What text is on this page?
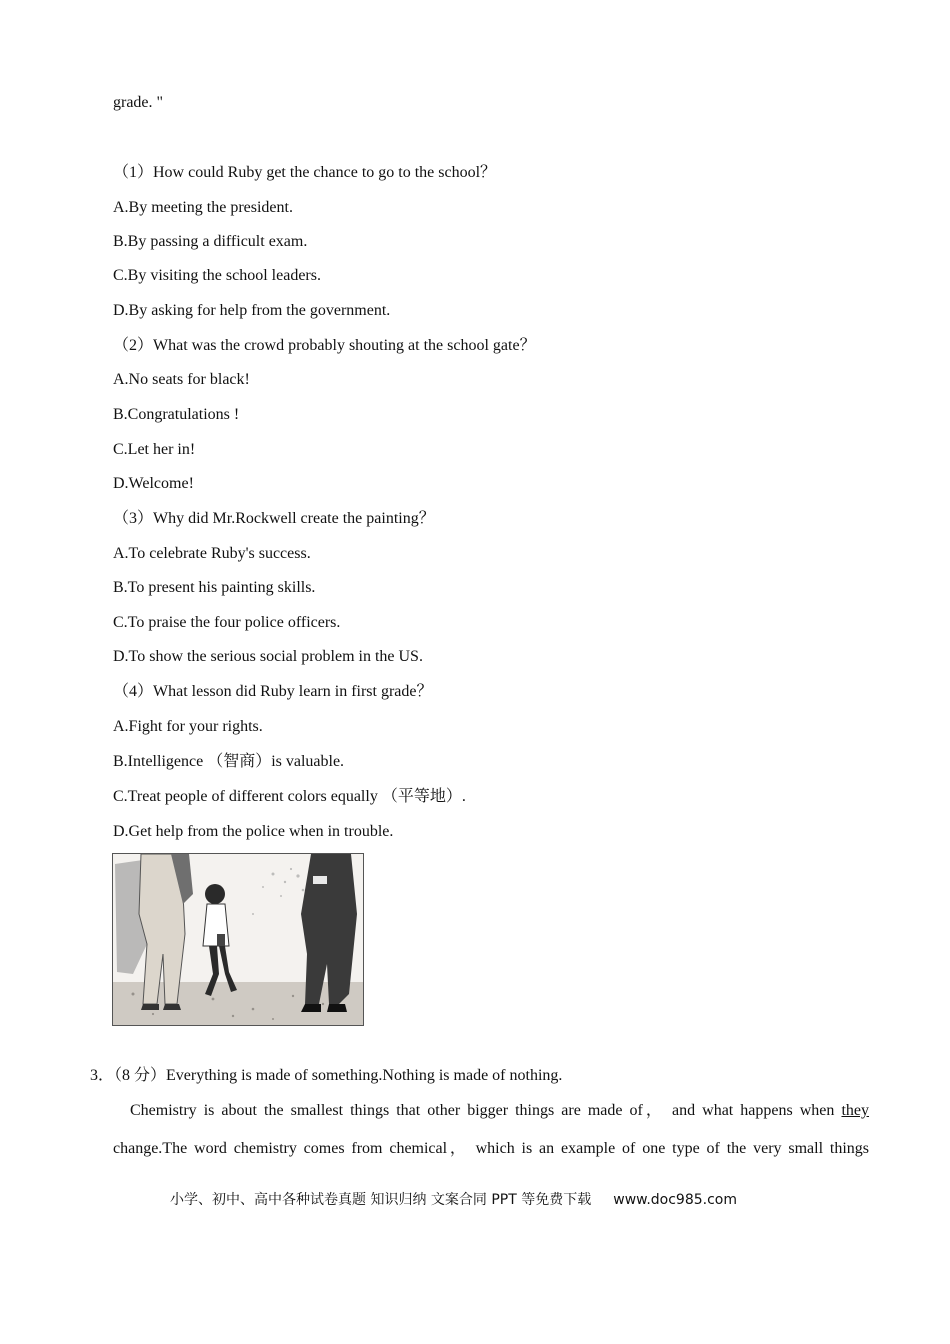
grade. "
（1）How could Ruby get the chance to go to the school？
A.By meeting the president.
B.By passing a difficult exam.
C.By visiting the school leaders.
D.By asking for help from the government.
（2）What was the crowd probably shouting at the school gate？
A.No seats for black!
B.Congratulations !
C.Let her in!
D.Welcome!
（3）Why did Mr.Rockwell create the painting？
A.To celebrate Ruby's success.
B.To present his painting skills.
C.To praise the four police officers.
D.To show the serious social problem in the US.
（4）What lesson did Ruby learn in first grade？
A.Fight for your rights.
B.Intelligence （智商）is valuable.
C.Treat people of different colors equally （平等地）.
D.Get help from the police when in trouble.
3．（8 分）Everything is made of something.Nothing is made of nothing.
Chemistry is about the smallest things that other bigger things are made of， and what happens when they
change.The word chemistry comes from chemical， which is an example of one type of the very small things
小学、初中、高中各种试卷真题 知识归纳 文案合同 PPT 等免费下载 www.doc985.com
